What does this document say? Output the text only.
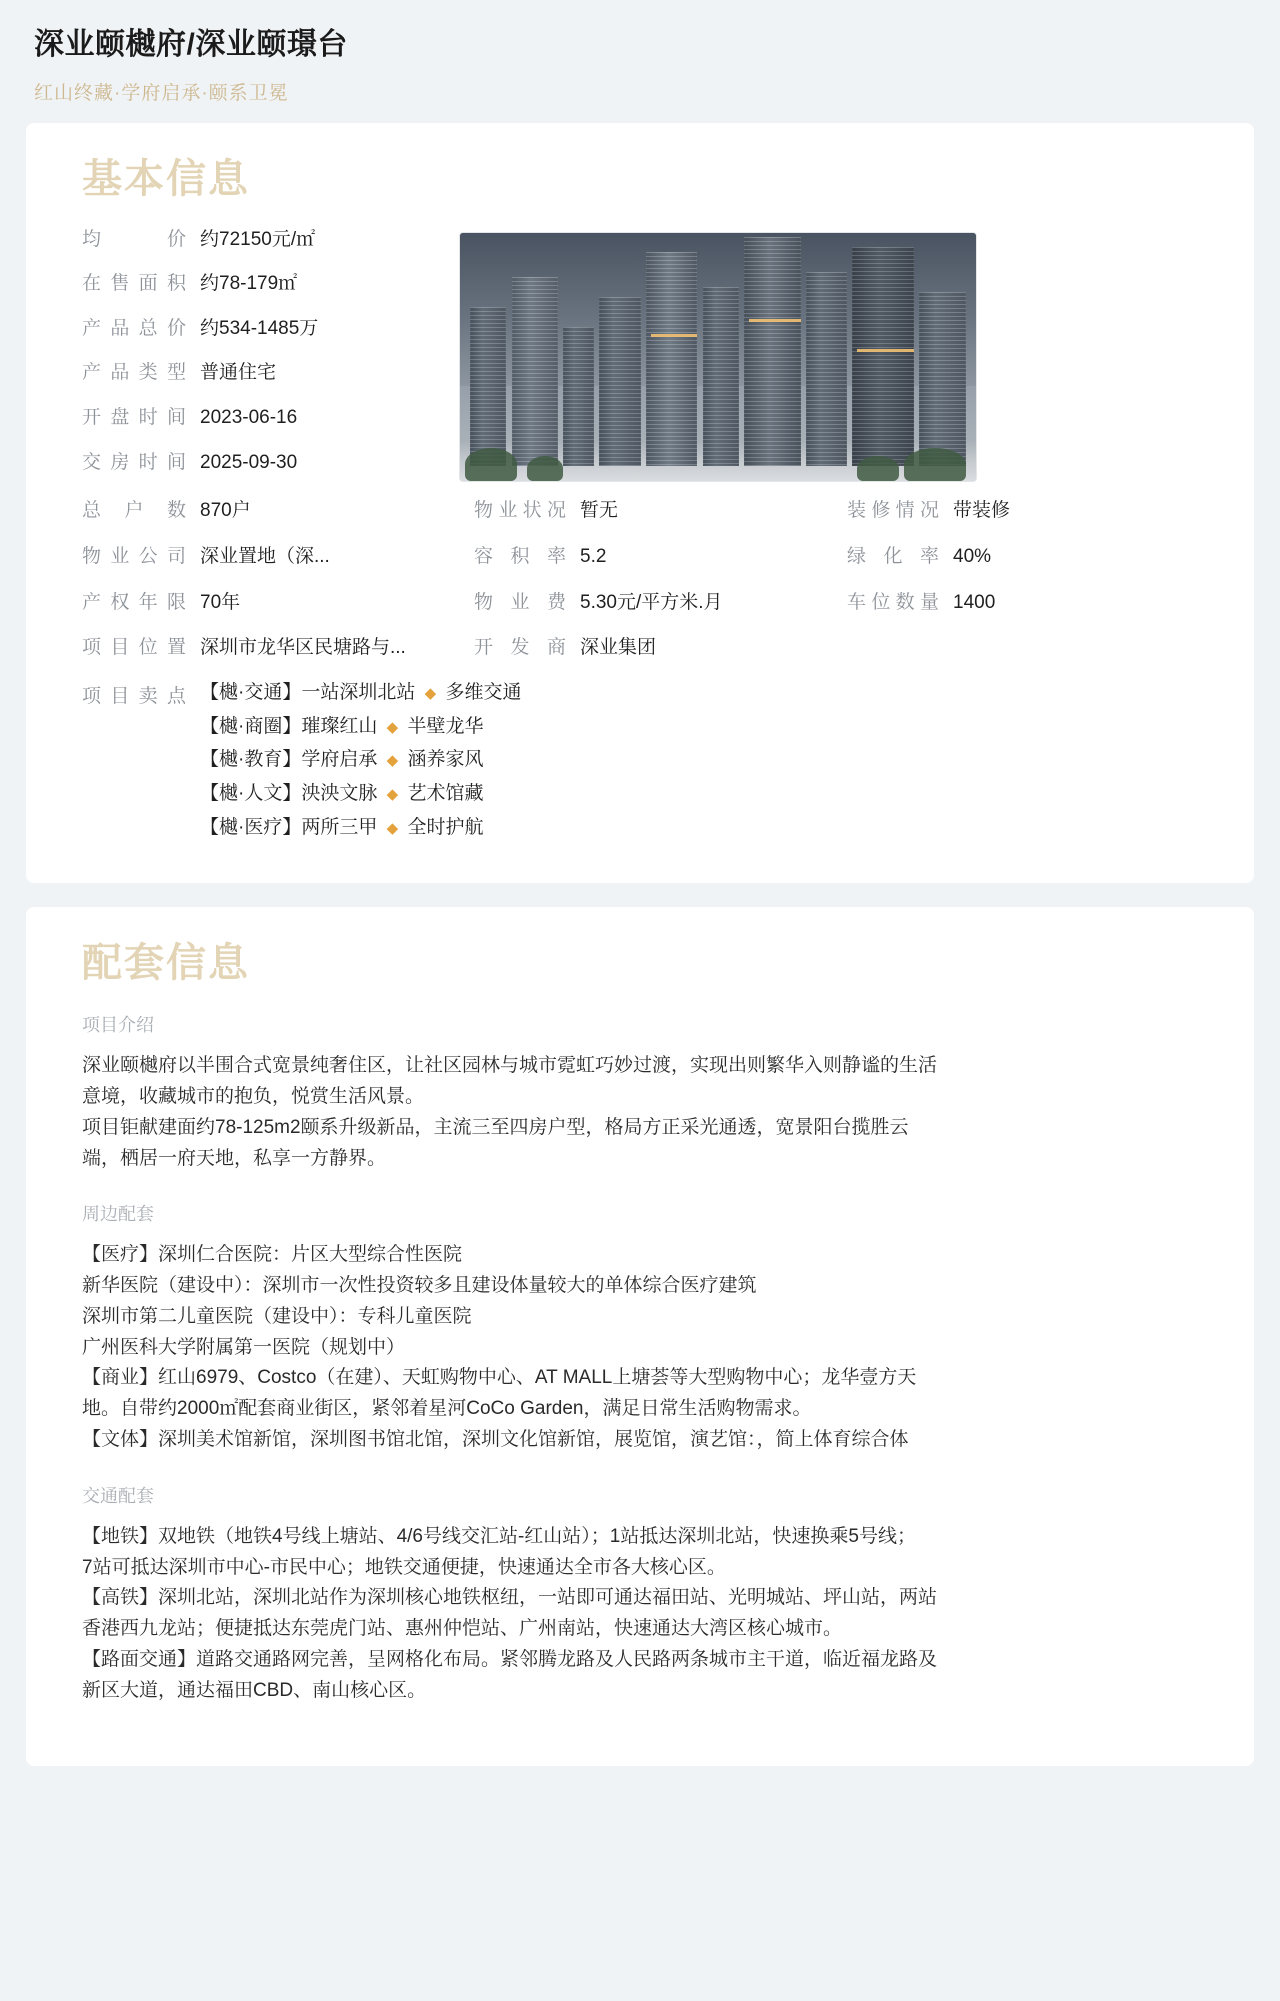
深业颐樾府/深业颐璟台
红山终藏·学府启承·颐系卫冕
基本信息
均价 约72150元/㎡
在售面积 约78-179㎡
产品总价 约534-1485万
产品类型 普通住宅
开盘时间 2023-06-16
交房时间 2025-09-30
总户数 870户
物业公司 深业置地（深...
产权年限 70年
项目位置 深圳市龙华区民塘路与...
物业状况 暂无
容积率 5.2
物业费 5.30元/平方米.月
开发商 深业集团
装修情况 带装修
绿化率 40%
车位数量 1400
项目卖点 【樾·交通】一站深圳北站 ◆ 多维交通
【樾·商圈】璀璨红山 ◆ 半壁龙华
【樾·教育】学府启承 ◆ 涵养家风
【樾·人文】泱泱文脉 ◆ 艺术馆藏
【樾·医疗】两所三甲 ◆ 全时护航
配套信息
项目介绍
深业颐樾府以半围合式宽景纯奢住区，让社区园林与城市霓虹巧妙过渡，实现出则繁华入则静谧的生活
意境，收藏城市的抱负，悦赏生活风景。
项目钜献建面约78-125m2颐系升级新品，主流三至四房户型，格局方正采光通透，宽景阳台揽胜云
端，栖居一府天地，私享一方静界。
周边配套
【医疗】深圳仁合医院：片区大型综合性医院
新华医院（建设中）：深圳市一次性投资较多且建设体量较大的单体综合医疗建筑
深圳市第二儿童医院（建设中）：专科儿童医院
广州医科大学附属第一医院（规划中）
【商业】红山6979、Costco（在建）、天虹购物中心、AT MALL上塘荟等大型购物中心；龙华壹方天
地。自带约2000㎡配套商业街区，紧邻着星河CoCo Garden，满足日常生活购物需求。
【文体】深圳美术馆新馆，深圳图书馆北馆，深圳文化馆新馆，展览馆，演艺馆：，简上体育综合体
交通配套
【地铁】双地铁（地铁4号线上塘站、4/6号线交汇站-红山站）；1站抵达深圳北站，快速换乘5号线；
7站可抵达深圳市中心-市民中心；地铁交通便捷，快速通达全市各大核心区。
【高铁】深圳北站，深圳北站作为深圳核心地铁枢纽，一站即可通达福田站、光明城站、坪山站，两站
香港西九龙站；便捷抵达东莞虎门站、惠州仲恺站、广州南站，快速通达大湾区核心城市。
【路面交通】道路交通路网完善，呈网格化布局。紧邻腾龙路及人民路两条城市主干道，临近福龙路及
新区大道，通达福田CBD、南山核心区。
